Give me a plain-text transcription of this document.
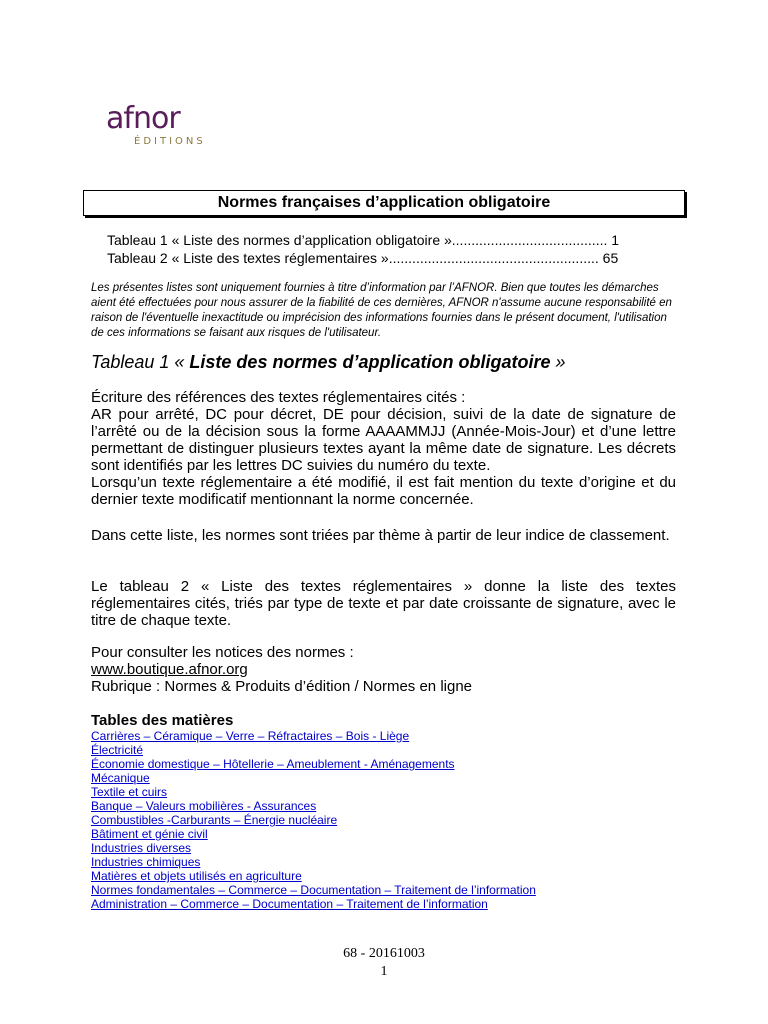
afnor
ÉDITIONS
Normes françaises d’application obligatoire
Tableau 1 « Liste des normes d’application obligatoire »........................................ 1
Tableau 2 « Liste des textes réglementaires »...................................................... 65
Les présentes listes sont uniquement fournies à titre d’information par l’AFNOR. Bien que toutes les démarches aient été effectuées pour nous assurer de la fiabilité de ces dernières, AFNOR n'assume aucune responsabilité en raison de l'éventuelle inexactitude ou imprécision des informations fournies dans le présent document, l'utilisation de ces informations se faisant aux risques de l'utilisateur.
Tableau 1 « Liste des normes d’application obligatoire »
Écriture des références des textes réglementaires cités :
AR pour arrêté, DC pour décret, DE pour décision, suivi de la date de signature de l’arrêté ou de la décision sous la forme AAAAMMJJ (Année-Mois-Jour) et d’une lettre permettant de distinguer plusieurs textes ayant la même date de signature. Les décrets sont identifiés par les lettres DC suivies du numéro du texte.
Lorsqu’un texte réglementaire a été modifié, il est fait mention du texte d’origine et du dernier texte modificatif mentionnant la norme concernée.
Dans cette liste, les normes sont triées par thème à partir de leur indice de classement.
Le tableau 2 « Liste des textes réglementaires » donne la liste des textes réglementaires cités, triés par type de texte et par date croissante de signature, avec le titre de chaque texte.
Pour consulter les notices des normes :
www.boutique.afnor.org
Rubrique : Normes & Produits d’édition / Normes en ligne
Tables des matières
Carrières – Céramique – Verre – Réfractaires – Bois - Liège
Électricité
Économie domestique – Hôtellerie – Ameublement - Aménagements
Mécanique
Textile et cuirs
Banque – Valeurs mobilières - Assurances
Combustibles -Carburants – Énergie nucléaire
Bâtiment et génie civil
Industries diverses
Industries chimiques
Matières et objets utilisés en agriculture
Normes fondamentales – Commerce – Documentation – Traitement de l’information
Administration – Commerce – Documentation – Traitement de l’information
68 - 20161003
1
